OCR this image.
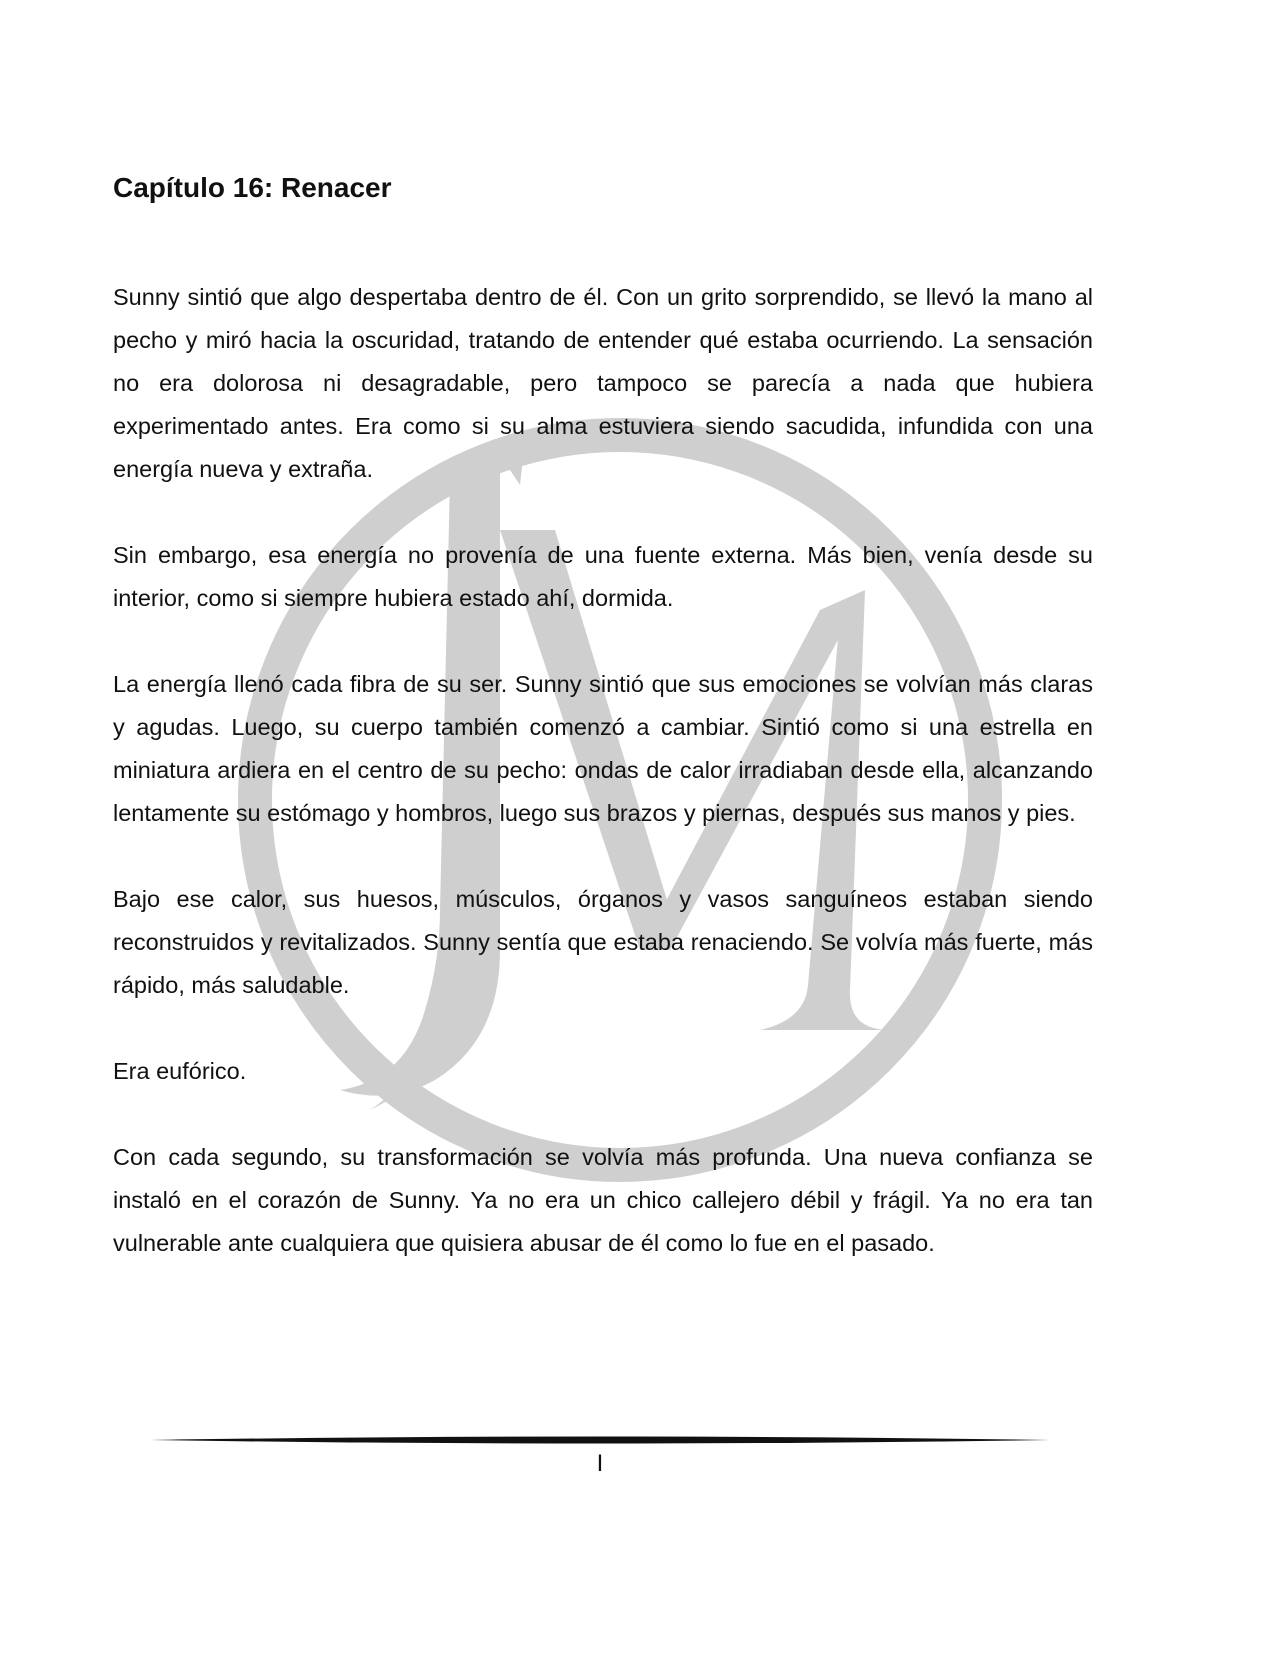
Capítulo 16: Renacer

Sunny sintió que algo despertaba dentro de él. Con un grito sorprendido, se llevó la mano al pecho y miró hacia la oscuridad, tratando de entender qué estaba ocurriendo. La sensación no era dolorosa ni desagradable, pero tampoco se parecía a nada que hubiera experimentado antes. Era como si su alma estuviera siendo sacudida, infundida con una energía nueva y extraña.

Sin embargo, esa energía no provenía de una fuente externa. Más bien, venía desde su interior, como si siempre hubiera estado ahí, dormida.

La energía llenó cada fibra de su ser. Sunny sintió que sus emociones se volvían más claras y agudas. Luego, su cuerpo también comenzó a cambiar. Sintió como si una estrella en miniatura ardiera en el centro de su pecho: ondas de calor irradiaban desde ella, alcanzando lentamente su estómago y hombros, luego sus brazos y piernas, después sus manos y pies.

Bajo ese calor, sus huesos, músculos, órganos y vasos sanguíneos estaban siendo reconstruidos y revitalizados. Sunny sentía que estaba renaciendo. Se volvía más fuerte, más rápido, más saludable.

Era eufórico.

Con cada segundo, su transformación se volvía más profunda. Una nueva confianza se instaló en el corazón de Sunny. Ya no era un chico callejero débil y frágil. Ya no era tan vulnerable ante cualquiera que quisiera abusar de él como lo fue en el pasado.

I
